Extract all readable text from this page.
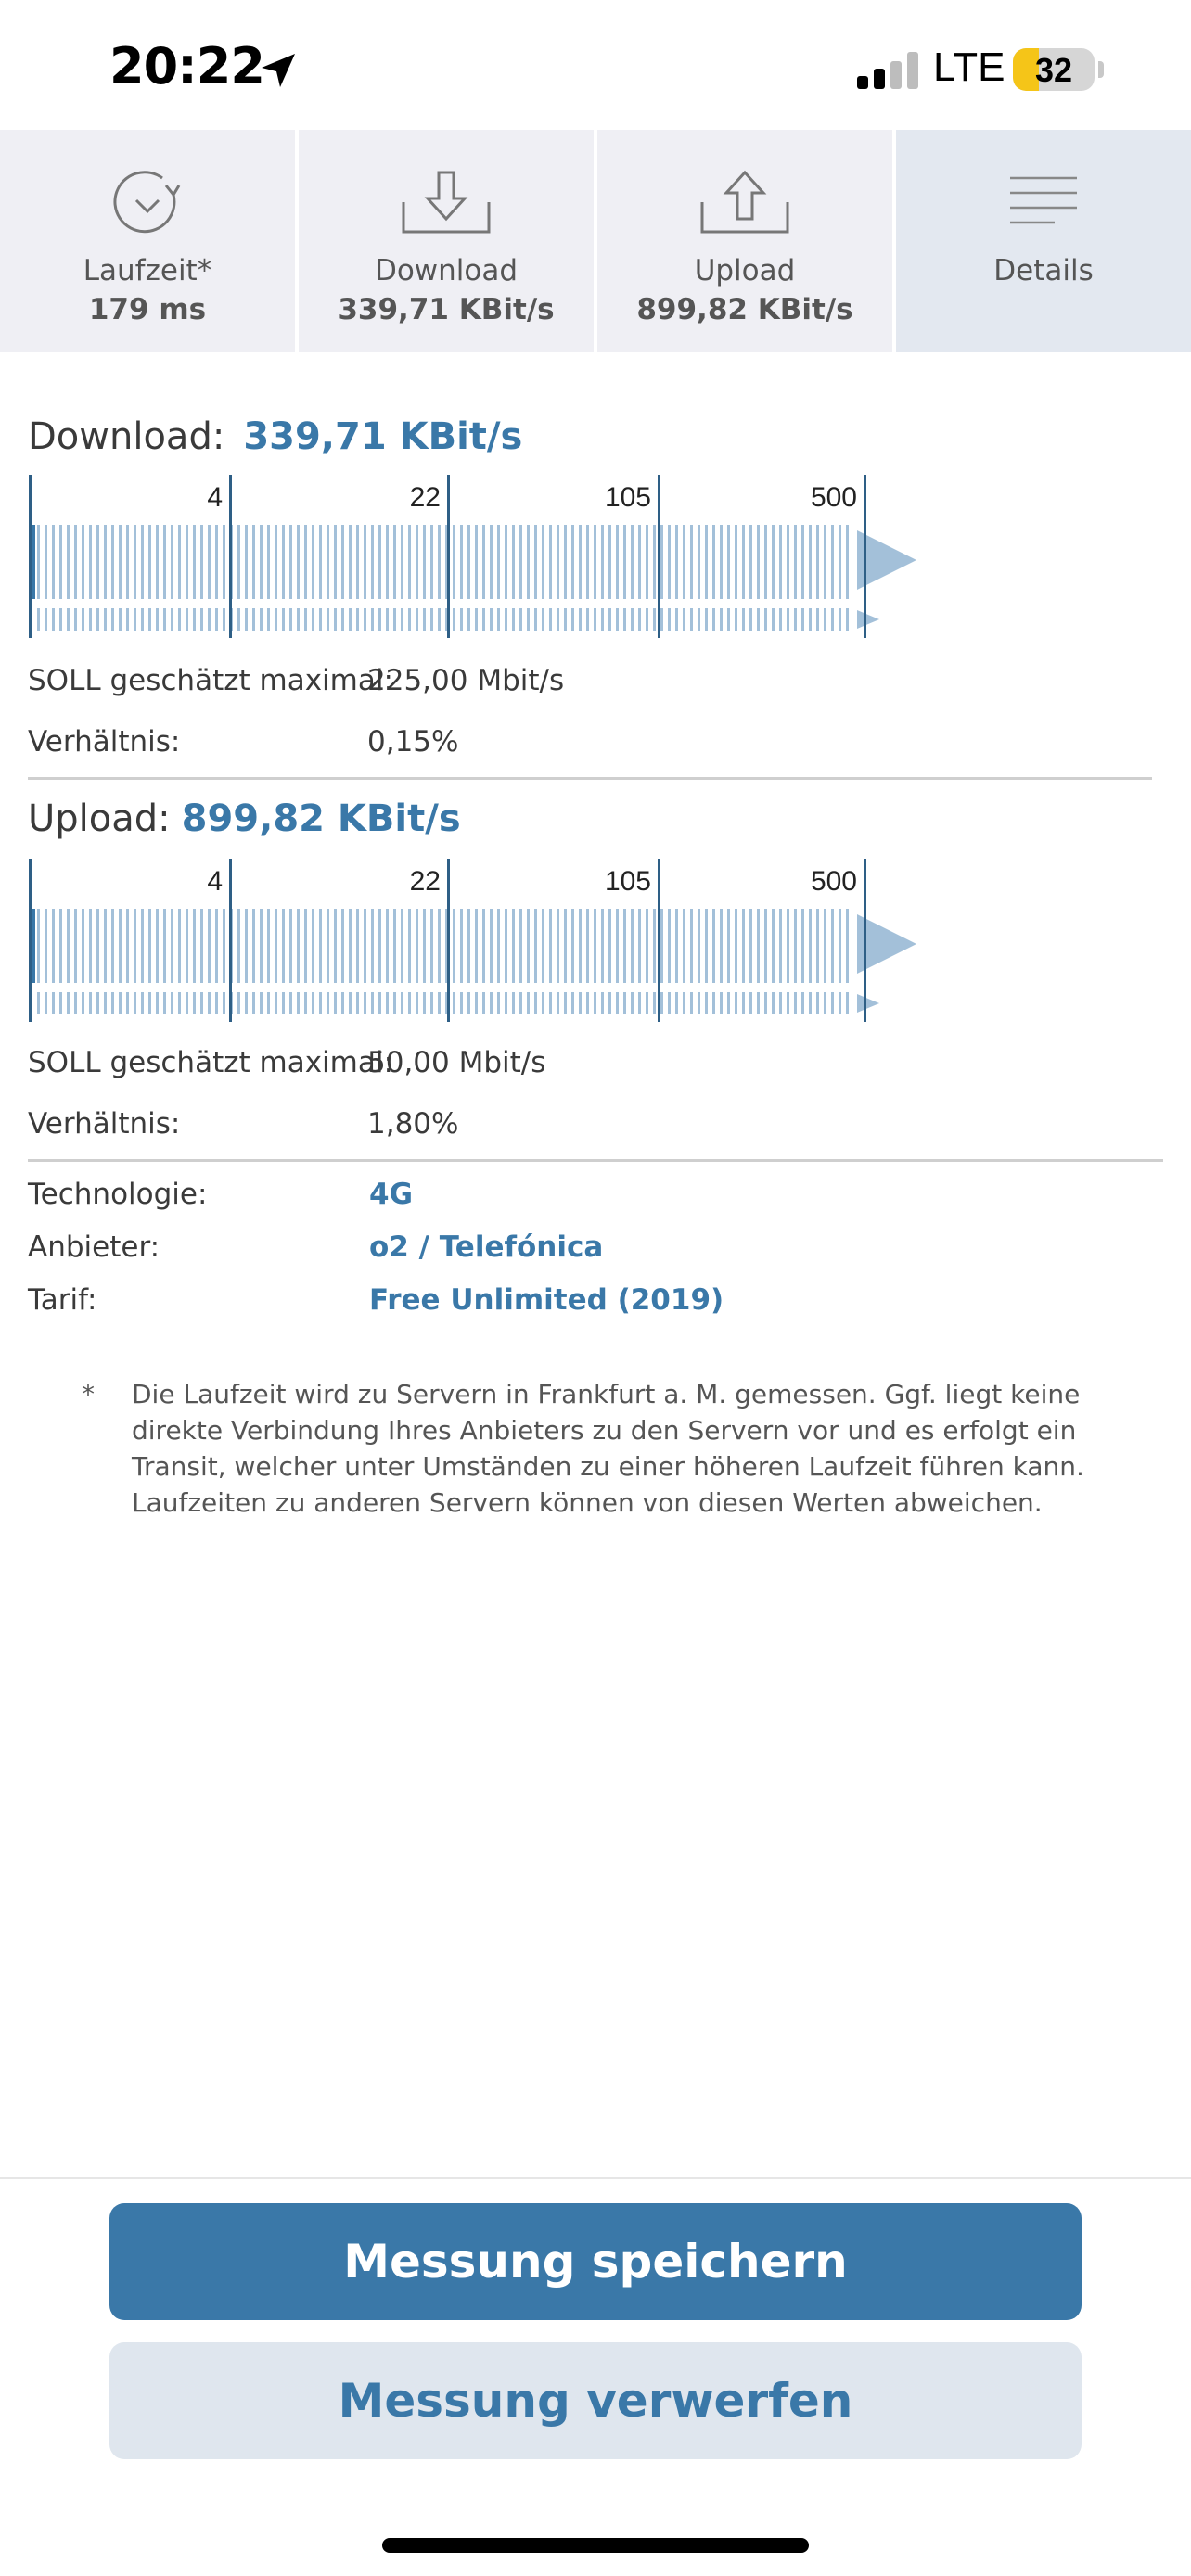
20:22	LTE 32
Laufzeit*
179 ms
Download
339,71 KBit/s
Upload
899,82 KBit/s
Details
Download: 339,71 KBit/s
4	22	105	500
SOLL geschätzt maximal:
225,00 Mbit/s
Verhältnis:	0,15%
Upload: 899,82 KBit/s
4	22	105	500
SOLL geschätzt maximal:
50,00 Mbit/s
Verhältnis:	1,80%
Technologie:	4G
Anbieter:	o2 / Telefónica
Tarif:	Free Unlimited (2019)
* Die Laufzeit wird zu Servern in Frankfurt a. M. gemessen. Ggf. liegt keine direkte Verbindung Ihres Anbieters zu den Servern vor und es erfolgt ein Transit, welcher unter Umständen zu einer höheren Laufzeit führen kann. Laufzeiten zu anderen Servern können von diesen Werten abweichen.
Messung speichern
Messung verwerfen
